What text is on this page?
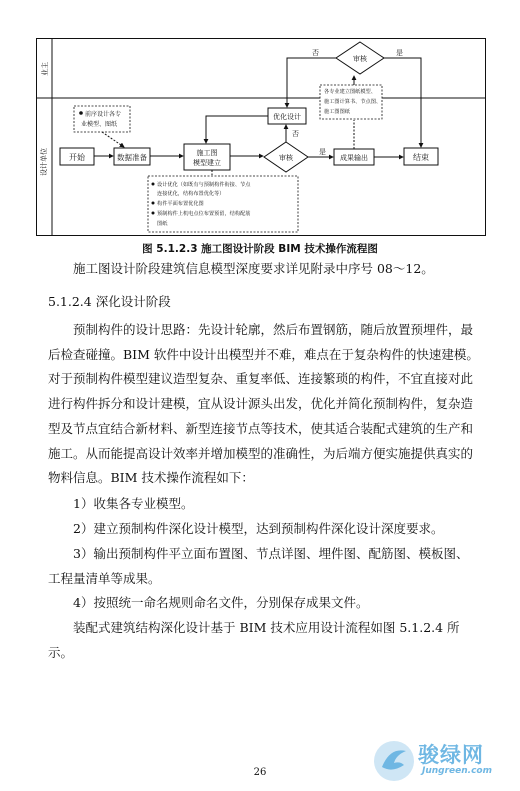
业主
设计单位	开始
前序设计各专
业模型、图纸
数据准备	施工图
模型建立
审核
优化设计
成果输出
审核
各专业建立图纸模型、
施工图计算书、节点图、
施工图图纸
结束
设计优化（如既有与预制构件衔接、节点
连接优化，结构布置优化等）
构件平面布置优化图
预制构件上机电点位布置预留，结构配筋
图纸
是
否
是
否
图 5.1.2.3 施工图设计阶段 BIM 技术操作流程图
施工图设计阶段建筑信息模型深度要求详见附录中序号 08～12。
5.1.2.4 深化设计阶段
预制构件的设计思路：先设计轮廓，然后布置钢筋，随后放置预埋件，最后检查碰撞。BIM 软件中设计出模型并不难，难点在于复杂构件的快速建模。对于预制构件模型建议造型复杂、重复率低、连接繁琐的构件，不宜直接对此进行构件拆分和设计建模，宜从设计源头出发，优化并简化预制构件，复杂造型及节点宜结合新材料、新型连接节点等技术，使其适合装配式建筑的生产和施工。从而能提高设计效率并增加模型的准确性，为后端方便实施提供真实的物料信息。BIM 技术操作流程如下：
1）收集各专业模型。
2）建立预制构件深化设计模型，达到预制构件深化设计深度要求。
3）输出预制构件平立面布置图、节点详图、埋件图、配筋图、模板图、工程量清单等成果。
4）按照统一命名规则命名文件，分别保存成果文件。
装配式建筑结构深化设计基于 BIM 技术应用设计流程如图 5.1.2.4 所示。
26
骏绿网
Jungreen.com
